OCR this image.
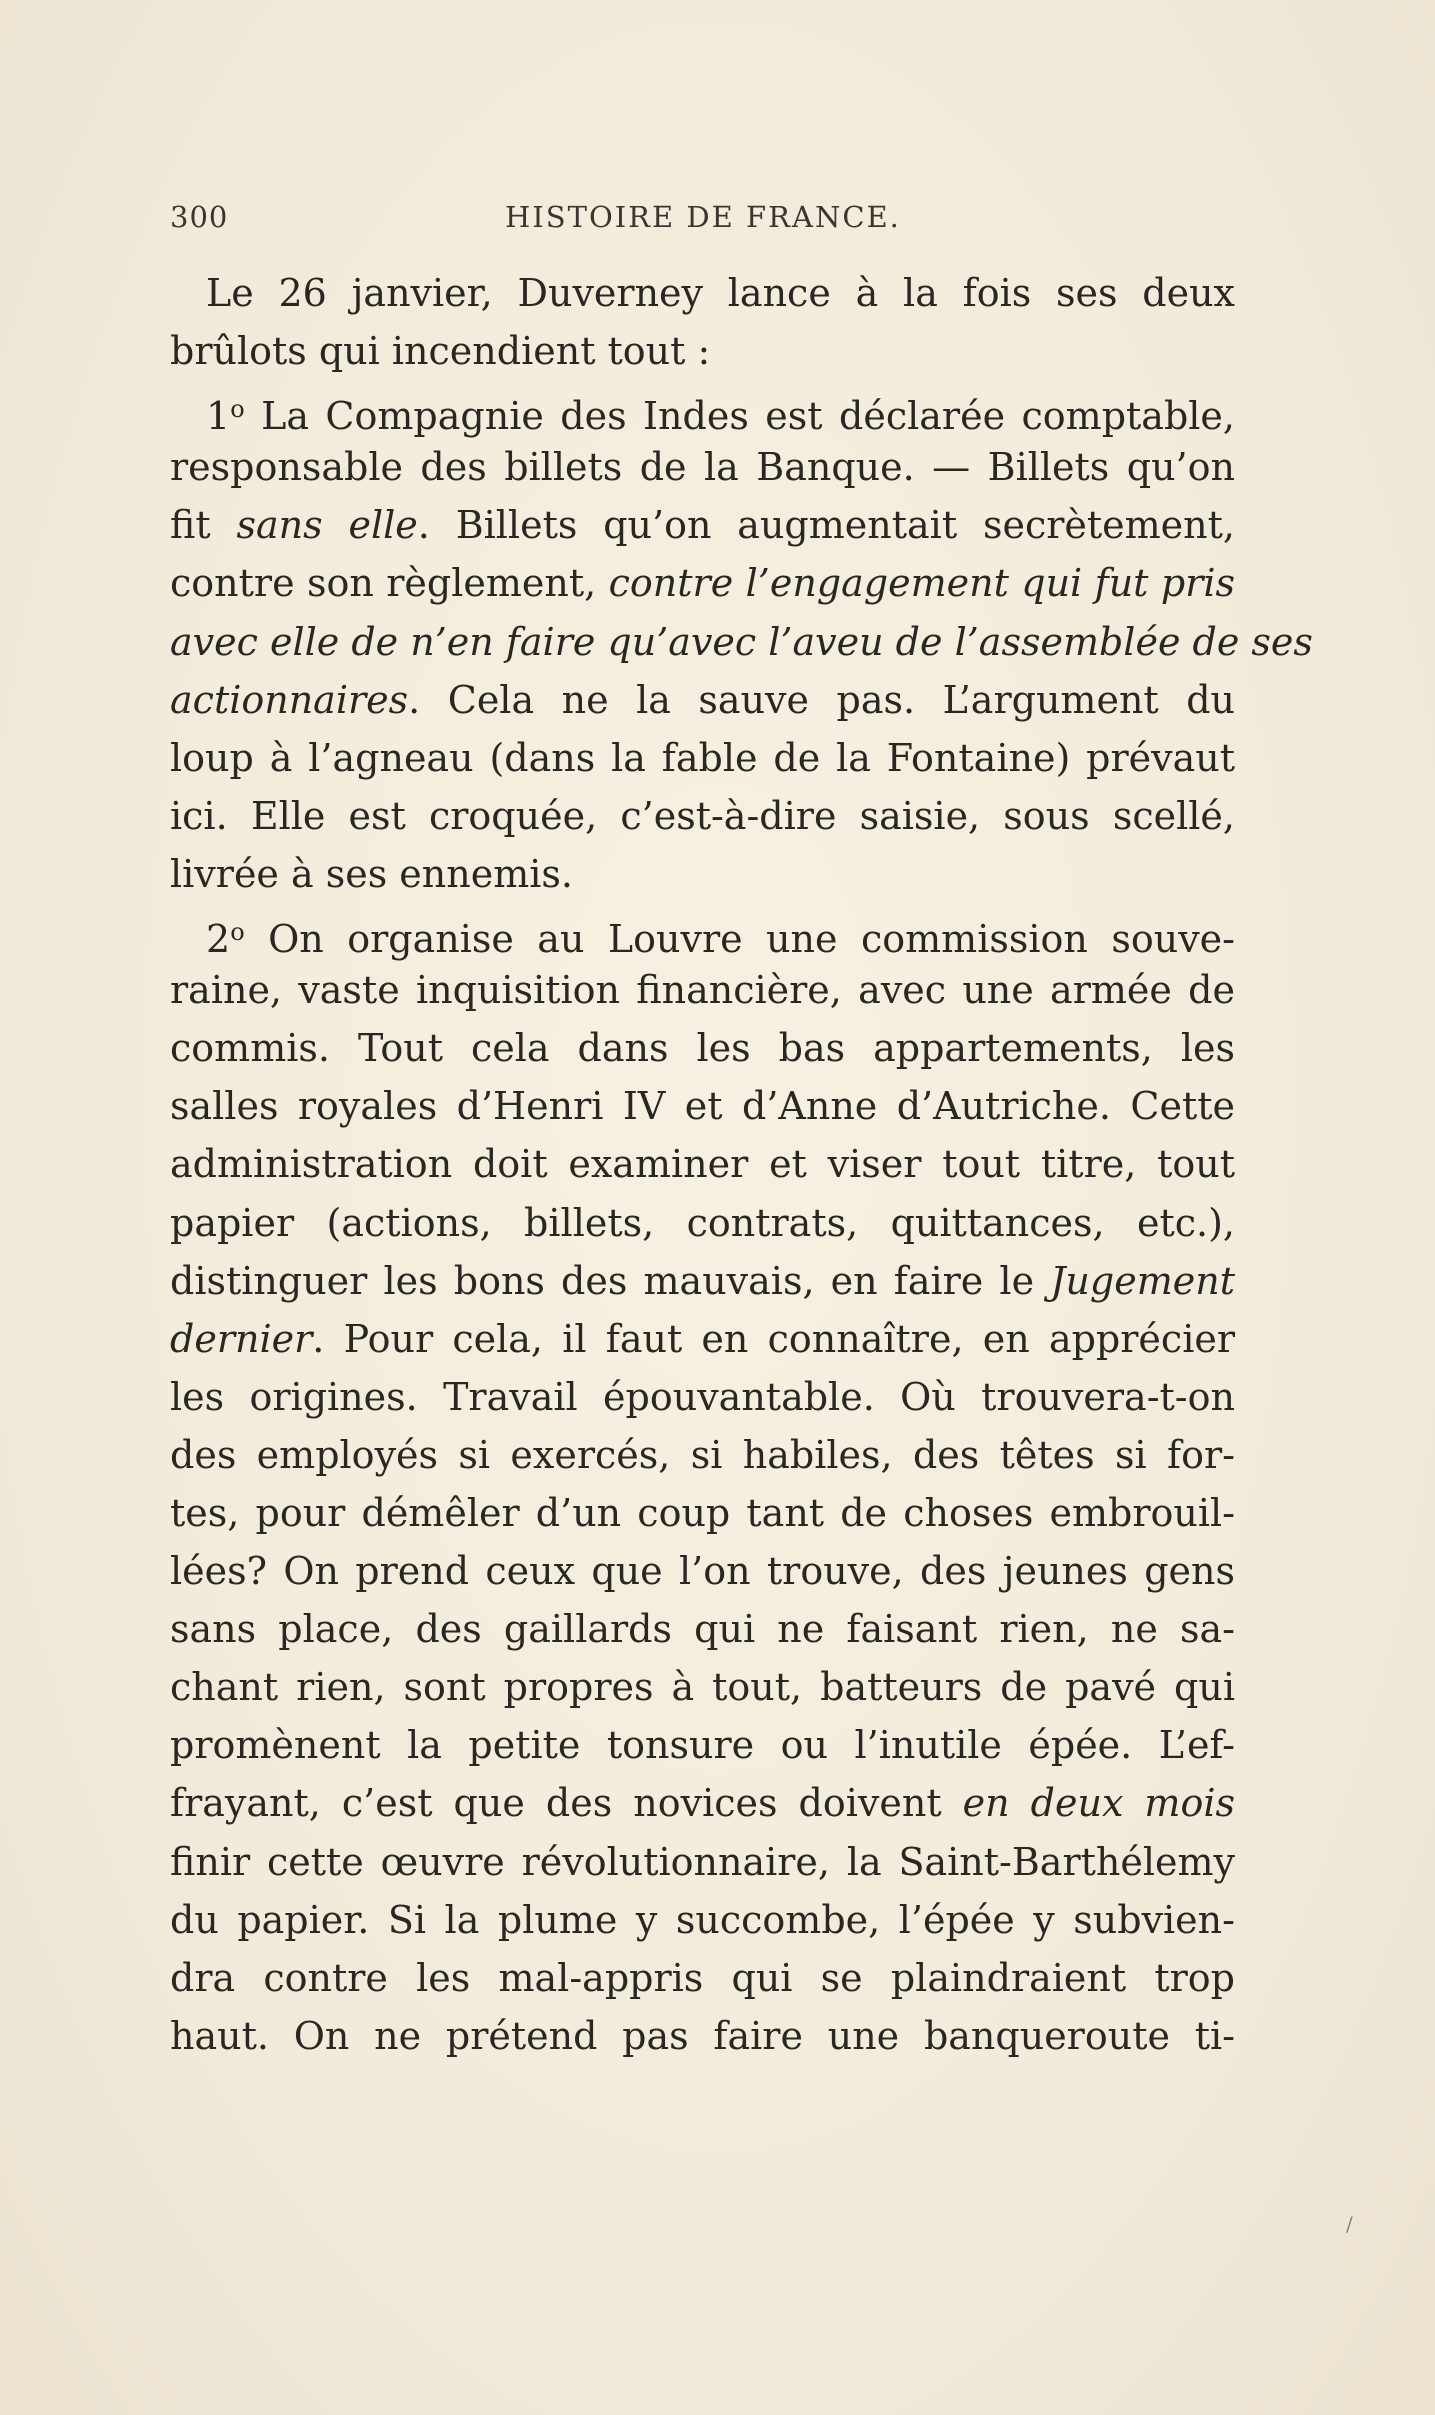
300	HISTOIRE DE FRANCE.
Le 26 janvier, Duverney lance à la fois ses deux
brûlots qui incendient tout :
1$^o$ La Compagnie des Indes est déclarée comptable,
responsable des billets de la Banque. — Billets qu’on
fit sans elle. Billets qu’on augmentait secrètement,
contre son règlement, contre l’engagement qui fut pris
avec elle de n’en faire qu’avec l’aveu de l’assemblée de ses
actionnaires. Cela ne la sauve pas. L’argument du
loup à l’agneau (dans la fable de la Fontaine) prévaut
ici. Elle est croquée, c’est-à-dire saisie, sous scellé,
livrée à ses ennemis.
2$^o$ On organise au Louvre une commission souve-
raine, vaste inquisition financière, avec une armée de
commis. Tout cela dans les bas appartements, les
salles royales d’Henri IV et d’Anne d’Autriche. Cette
administration doit examiner et viser tout titre, tout
papier (actions, billets, contrats, quittances, etc.),
distinguer les bons des mauvais, en faire le Jugement
dernier. Pour cela, il faut en connaître, en apprécier
les origines. Travail épouvantable. Où trouvera-t-on
des employés si exercés, si habiles, des têtes si for-
tes, pour démêler d’un coup tant de choses embrouil-
lées? On prend ceux que l’on trouve, des jeunes gens
sans place, des gaillards qui ne faisant rien, ne sa-
chant rien, sont propres à tout, batteurs de pavé qui
promènent la petite tonsure ou l’inutile épée. L’ef-
frayant, c’est que des novices doivent en deux mois
finir cette œuvre révolutionnaire, la Saint-Barthélemy
du papier. Si la plume y succombe, l’épée y subvien-
dra contre les mal-appris qui se plaindraient trop
haut. On ne prétend pas faire une banqueroute ti-
/
